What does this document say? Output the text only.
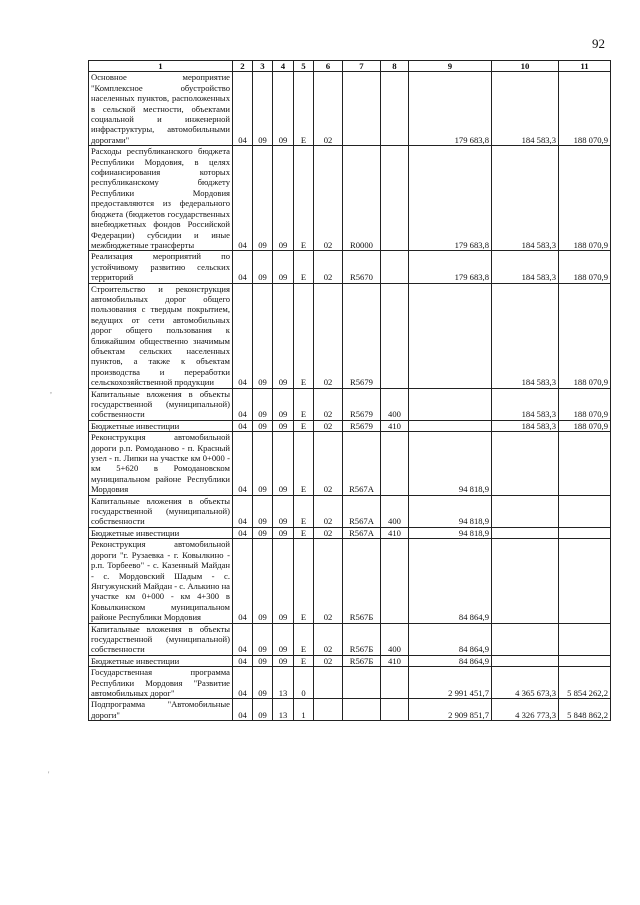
92
1	2	3	4	5	6	7	8	9	10	11
Основное мероприятие "Комплексное обустройство населенных пунктов, расположенных в сельской местности, объектами социальной и инженерной инфраструктуры, автомобильными дорогами"	04	09	09	Е	02			179 683,8	184 583,3	188 070,9
Расходы республиканского бюджета Республики Мордовия, в целях софинансирования которых республиканскому бюджету Республики Мордовия предоставляются из федерального бюджета (бюджетов государственных внебюджетных фондов Российской Федерации) субсидии и иные межбюджетные трансферты	04	09	09	Е	02	R0000		179 683,8	184 583,3	188 070,9
Реализация мероприятий по устойчивому развитию сельских территорий	04	09	09	Е	02	R5670		179 683,8	184 583,3	188 070,9
Строительство и реконструкция автомобильных дорог общего пользования с твердым покрытием, ведущих от сети автомобильных дорог общего пользования к ближайшим общественно значимым объектам сельских населенных пунктов, а также к объектам производства и переработки сельскохозяйственной продукции	04	09	09	Е	02	R5679			184 583,3	188 070,9
Капитальные вложения в объекты государственной (муниципальной) собственности	04	09	09	Е	02	R5679	400		184 583,3	188 070,9
Бюджетные инвестиции	04	09	09	Е	02	R5679	410		184 583,3	188 070,9
Реконструкция автомобильной дороги р.п. Ромоданово - п. Красный узел - п. Липки на участке км 0+000 - км 5+620 в Ромодановском муниципальном районе Республики Мордовия	04	09	09	Е	02	R567А		94 818,9		
Капитальные вложения в объекты государственной (муниципальной) собственности	04	09	09	Е	02	R567А	400	94 818,9		
Бюджетные инвестиции	04	09	09	Е	02	R567А	410	94 818,9		
Реконструкция автомобильной дороги "г. Рузаевка - г. Ковылкино - р.п. Торбеево" - с. Казенный Майдан - с. Мордовский Шадым - с. Янгужунский Майдан - с. Алькино на участке км 0+000 - км 4+300 в Ковылкинском муниципальном районе Республики Мордовия	04	09	09	Е	02	R567Б		84 864,9		
Капитальные вложения в объекты государственной (муниципальной) собственности	04	09	09	Е	02	R567Б	400	84 864,9		
Бюджетные инвестиции	04	09	09	Е	02	R567Б	410	84 864,9		
Государственная программа Республики Мордовия "Развитие автомобильных дорог"	04	09	13	0				2 991 451,7	4 365 673,3	5 854 262,2
Подпрограмма "Автомобильные дороги"	04	09	13	1				2 909 851,7	4 326 773,3	5 848 862,2
,
'
